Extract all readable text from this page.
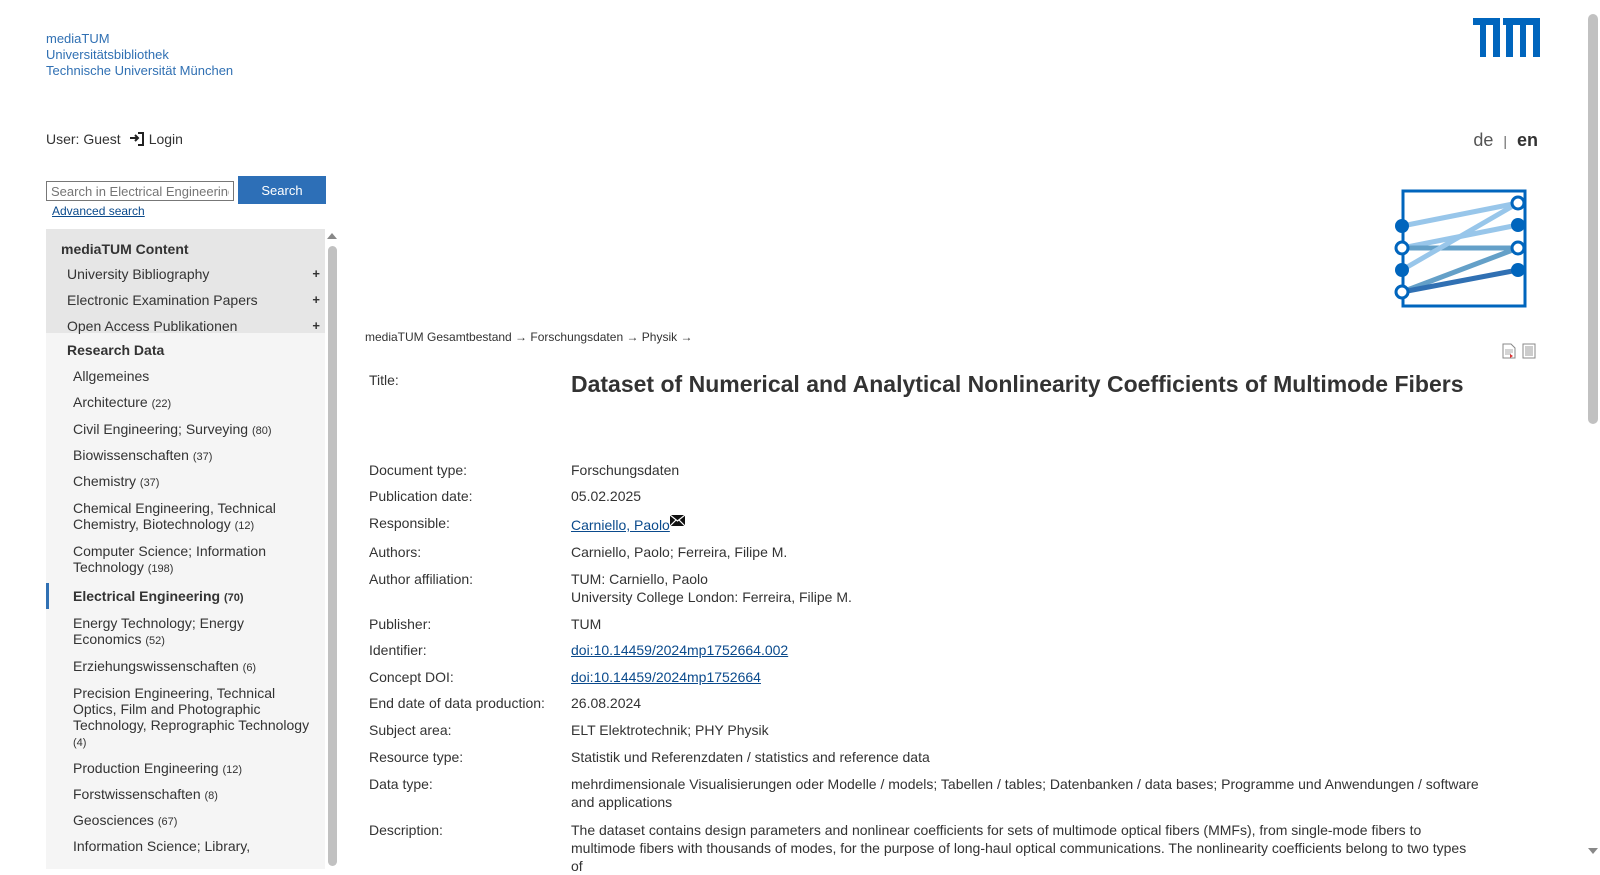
mediaTUM
Universitätsbibliothek
Technische Universität München
User: Guest Login	de | en
Search in Electrical Engineering
Search
Advanced search
mediaTUM Content
University Bibliography	+
Electronic Examination Papers	+
Open Access Publikationen	+
Research Data
Allgemeines
Architecture (22)
Civil Engineering; Surveying (80)
Biowissenschaften (37)
Chemistry (37)
Chemical Engineering, Technical Chemistry, Biotechnology (12)
Computer Science; Information Technology (198)
Electrical Engineering (70)
Energy Technology; Energy Economics (52)
Erziehungswissenschaften (6)
Precision Engineering, Technical Optics, Film and Photographic Technology, Reprographic Technology (4)
Production Engineering (12)
Forstwissenschaften (8)
Geosciences (67)
Information Science; Library,
mediaTUM Gesamtbestand → Forschungsdaten → Physik →
Title:	Dataset of Numerical and Analytical Nonlinearity Coefficients of Multimode Fibers
Document type:	Forschungsdaten
Publication date:	05.02.2025
Responsible:	Carniello, Paolo
Authors:	Carniello, Paolo; Ferreira, Filipe M.
Author affiliation:	TUM: Carniello, Paolo
University College London: Ferreira, Filipe M.
Publisher:	TUM
Identifier:	doi:10.14459/2024mp1752664.002
Concept DOI:	doi:10.14459/2024mp1752664
End date of data production:	26.08.2024
Subject area:	ELT Elektrotechnik; PHY Physik
Resource type:	Statistik und Referenzdaten / statistics and reference data
Data type:	mehrdimensionale Visualisierungen oder Modelle / models; Tabellen / tables; Datenbanken / data bases; Programme und Anwendungen / software and applications
Description:	The dataset contains design parameters and nonlinear coefficients for sets of multimode optical fibers (MMFs), from single-mode fibers to multimode fibers with thousands of modes, for the purpose of long-haul optical communications. The nonlinearity coefficients belong to two types of
